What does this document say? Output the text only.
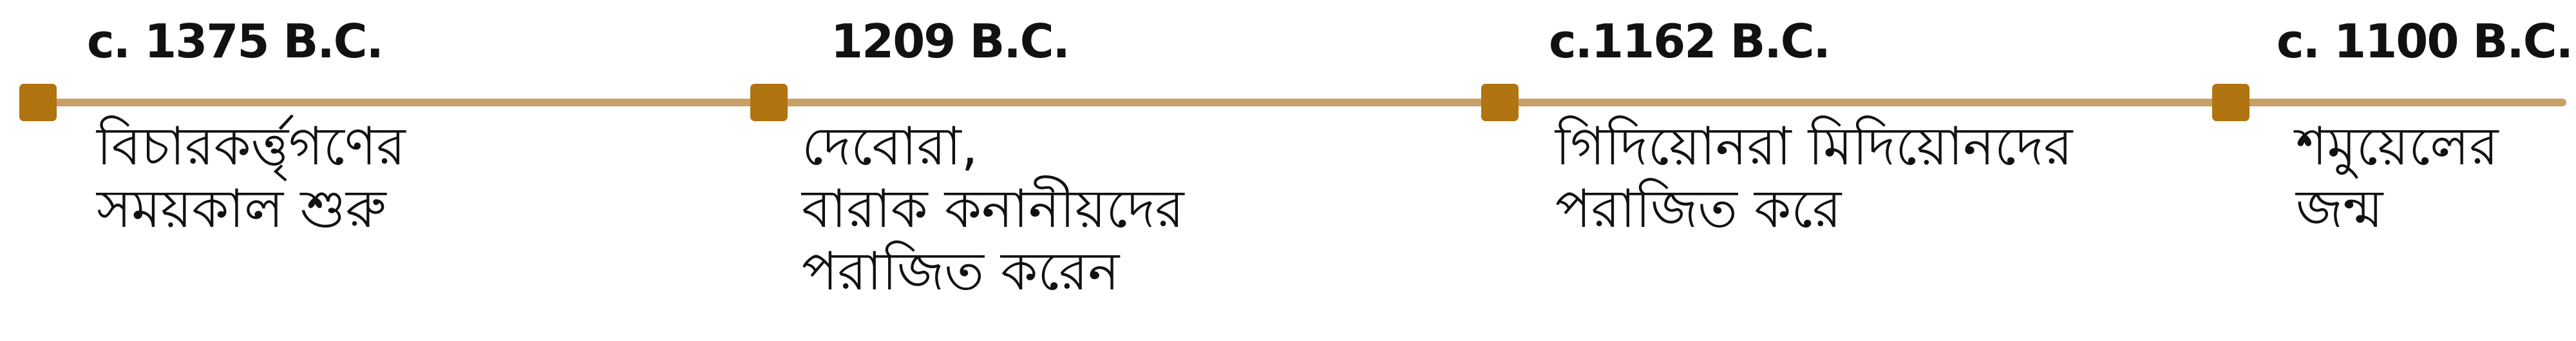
c. 1375 B.C.	1209 B.C.	c.1162 B.C.	c. 1100 B.C.
বিচারকর্ত্তৃগণের
সময়কাল শুরু
দেবোরা,
বারাক কনানীয়দের
পরাজিত করেন
গিদিয়োনরা মিদিয়োনদের
পরাজিত করে
শমুয়েলের
জন্ম
